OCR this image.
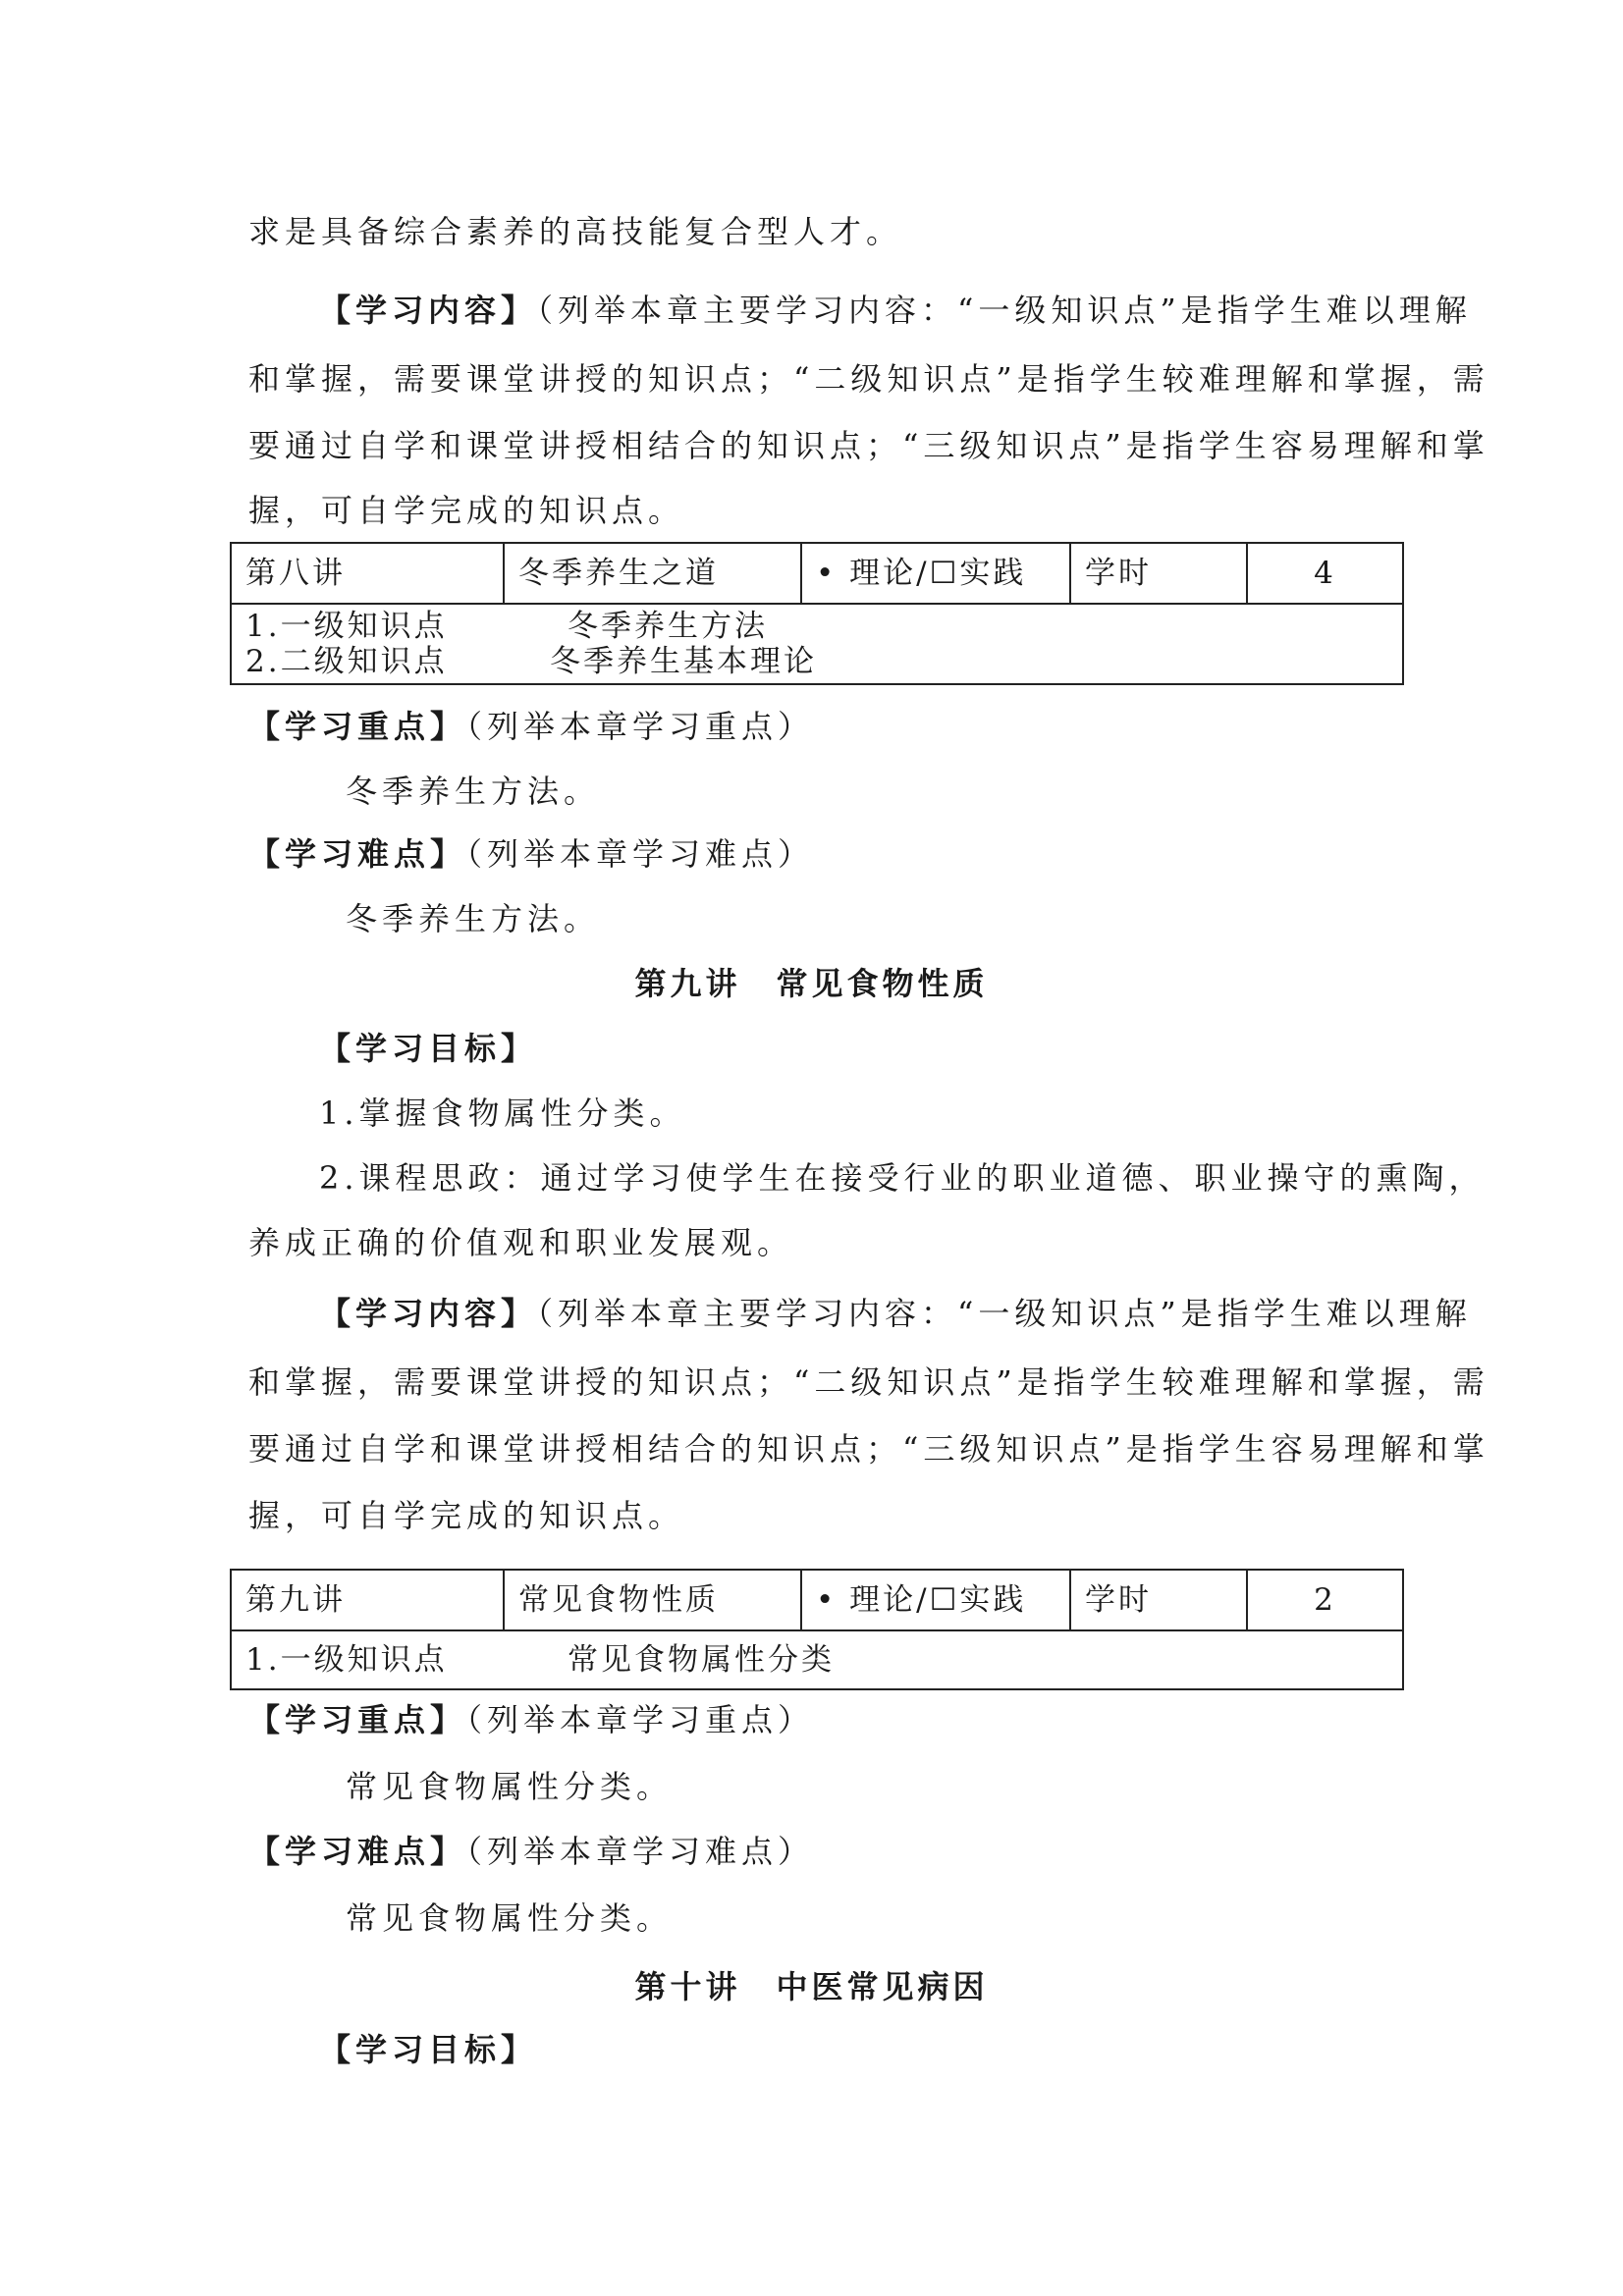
求是具备综合素养的高技能复合型人才。
【学习内容】（列举本章主要学习内容：“一级知识点”是指学生难以理解
和掌握，需要课堂讲授的知识点；“二级知识点”是指学生较难理解和掌握，需
要通过自学和课堂讲授相结合的知识点；“三级知识点”是指学生容易理解和掌
握，可自学完成的知识点。
第八讲	冬季养生之道	• 理论/☐实践	学时	4

1.一级知识点	冬季养生方法
2.二级知识点	冬季养生基本理论
【学习重点】（列举本章学习重点）
冬季养生方法。
【学习难点】（列举本章学习难点）
冬季养生方法。
第九讲　常见食物性质
【学习目标】
1.掌握食物属性分类。
2.课程思政：通过学习使学生在接受行业的职业道德、职业操守的熏陶，
养成正确的价值观和职业发展观。
【学习内容】（列举本章主要学习内容：“一级知识点”是指学生难以理解
和掌握，需要课堂讲授的知识点；“二级知识点”是指学生较难理解和掌握，需
要通过自学和课堂讲授相结合的知识点；“三级知识点”是指学生容易理解和掌
握，可自学完成的知识点。
第九讲	常见食物性质	• 理论/☐实践	学时	2

1.一级知识点	常见食物属性分类
【学习重点】（列举本章学习重点）
常见食物属性分类。
【学习难点】（列举本章学习难点）
常见食物属性分类。
第十讲　中医常见病因
【学习目标】
